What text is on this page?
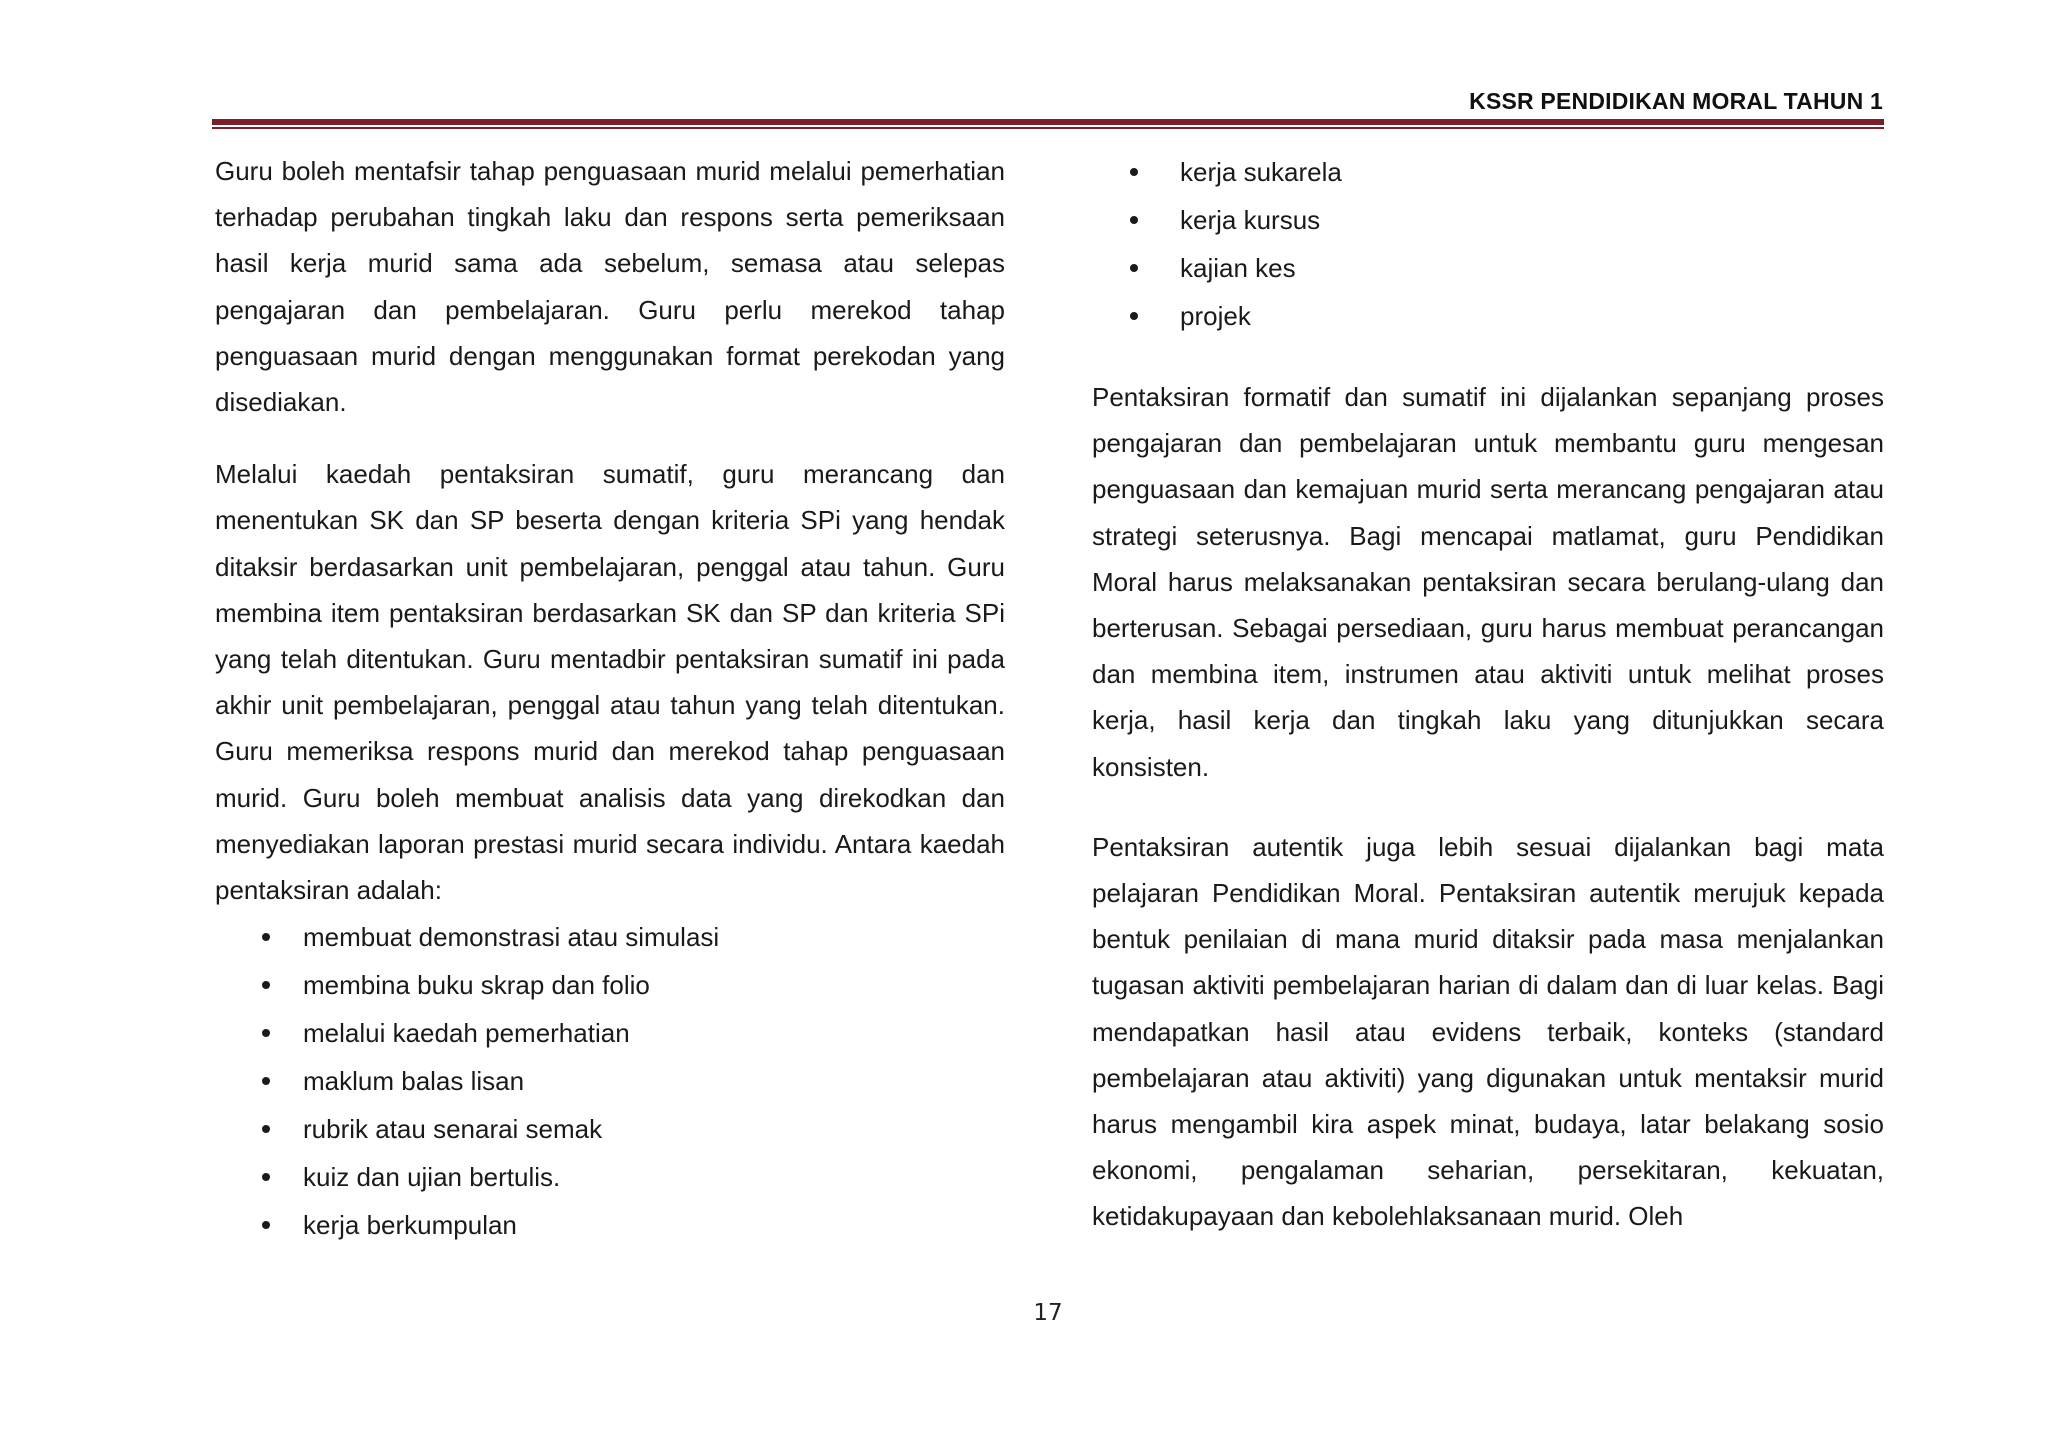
KSSR PENDIDIKAN MORAL TAHUN 1

Guru boleh mentafsir tahap penguasaan murid melalui pemerhatian terhadap perubahan tingkah laku dan respons serta pemeriksaan hasil kerja murid sama ada sebelum, semasa atau selepas pengajaran dan pembelajaran. Guru perlu merekod tahap penguasaan murid dengan menggunakan format perekodan yang disediakan.

Melalui kaedah pentaksiran sumatif, guru merancang dan menentukan SK dan SP beserta dengan kriteria SPi yang hendak ditaksir berdasarkan unit pembelajaran, penggal atau tahun. Guru membina item pentaksiran berdasarkan SK dan SP dan kriteria SPi yang telah ditentukan. Guru mentadbir pentaksiran sumatif ini pada akhir unit pembelajaran, penggal atau tahun yang telah ditentukan. Guru memeriksa respons murid dan merekod tahap penguasaan murid. Guru boleh membuat analisis data yang direkodkan dan menyediakan laporan prestasi murid secara individu. Antara kaedah pentaksiran adalah:

membuat demonstrasi atau simulasi
membina buku skrap dan folio
melalui kaedah pemerhatian
maklum balas lisan
rubrik atau senarai semak
kuiz dan ujian bertulis.
kerja berkumpulan
kerja sukarela
kerja kursus
kajian kes
projek

Pentaksiran formatif dan sumatif ini dijalankan sepanjang proses pengajaran dan pembelajaran untuk membantu guru mengesan penguasaan dan kemajuan murid serta merancang pengajaran atau strategi seterusnya. Bagi mencapai matlamat, guru Pendidikan Moral harus melaksanakan pentaksiran secara berulang-ulang dan berterusan. Sebagai persediaan, guru harus membuat perancangan dan membina item, instrumen atau aktiviti untuk melihat proses kerja, hasil kerja dan tingkah laku yang ditunjukkan secara konsisten.

Pentaksiran autentik juga lebih sesuai dijalankan bagi mata pelajaran Pendidikan Moral. Pentaksiran autentik merujuk kepada bentuk penilaian di mana murid ditaksir pada masa menjalankan tugasan aktiviti pembelajaran harian di dalam dan di luar kelas. Bagi mendapatkan hasil atau evidens terbaik, konteks (standard pembelajaran atau aktiviti) yang digunakan untuk mentaksir murid harus mengambil kira aspek minat, budaya, latar belakang sosio ekonomi, pengalaman seharian, persekitaran, kekuatan, ketidakupayaan dan kebolehlaksanaan murid. Oleh

17
